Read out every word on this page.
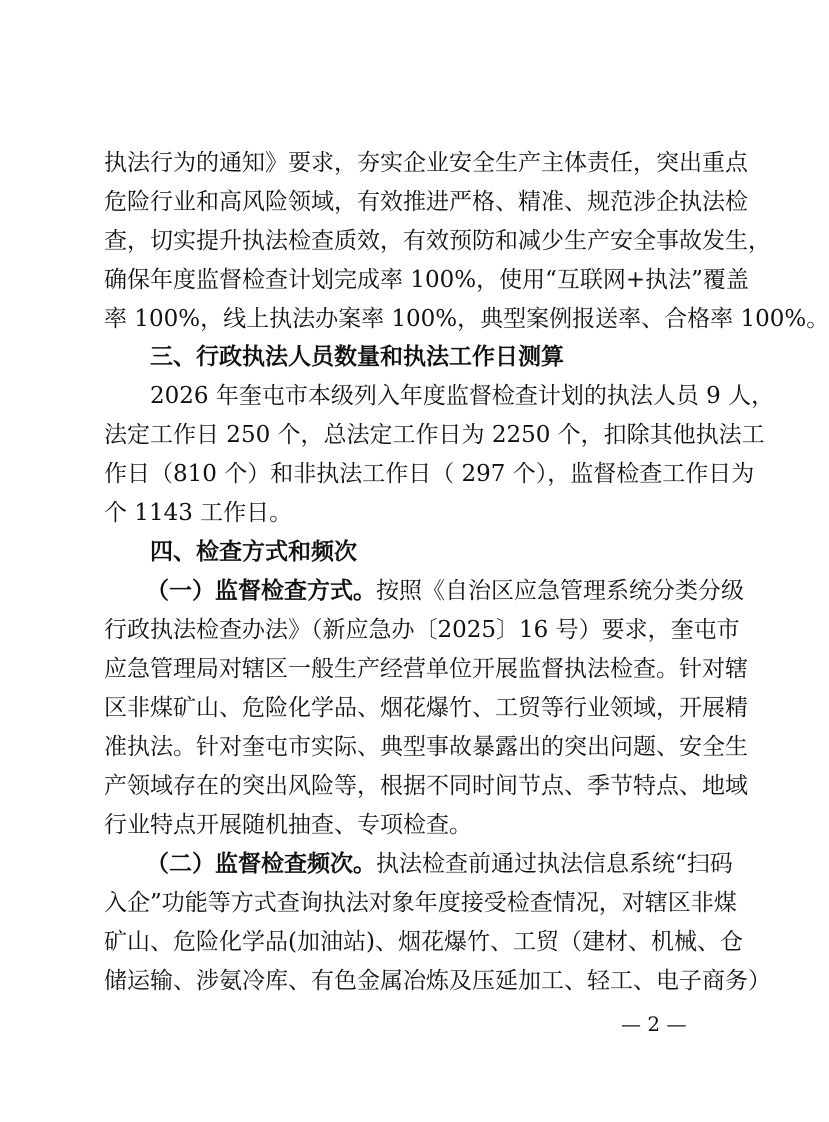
执法行为的通知》要求，夯实企业安全生产主体责任，突出重点
危险行业和高风险领域，有效推进严格、精准、规范涉企执法检
查，切实提升执法检查质效，有效预防和减少生产安全事故发生，
确保年度监督检查计划完成率 100%，使用“互联网+执法”覆盖
率 100%，线上执法办案率 100%，典型案例报送率、合格率 100%。
三、行政执法人员数量和执法工作日测算
2026 年奎屯市本级列入年度监督检查计划的执法人员 9 人，
法定工作日 250 个，总法定工作日为 2250 个，扣除其他执法工
作日（810 个）和非执法工作日（ 297 个），监督检查工作日为
个 1143 工作日。
四、检查方式和频次
（一）监督检查方式。按照《自治区应急管理系统分类分级
行政执法检查办法》（新应急办〔2025〕16 号）要求，奎屯市
应急管理局对辖区一般生产经营单位开展监督执法检查。针对辖
区非煤矿山、危险化学品、烟花爆竹、工贸等行业领域，开展精
准执法。针对奎屯市实际、典型事故暴露出的突出问题、安全生
产领域存在的突出风险等，根据不同时间节点、季节特点、地域
行业特点开展随机抽查、专项检查。
（二）监督检查频次。执法检查前通过执法信息系统“扫码
入企”功能等方式查询执法对象年度接受检查情况，对辖区非煤
矿山、危险化学品(加油站)、烟花爆竹、工贸（建材、机械、仓
储运输、涉氨冷库、有色金属冶炼及压延加工、轻工、电子商务）
— 2 —
